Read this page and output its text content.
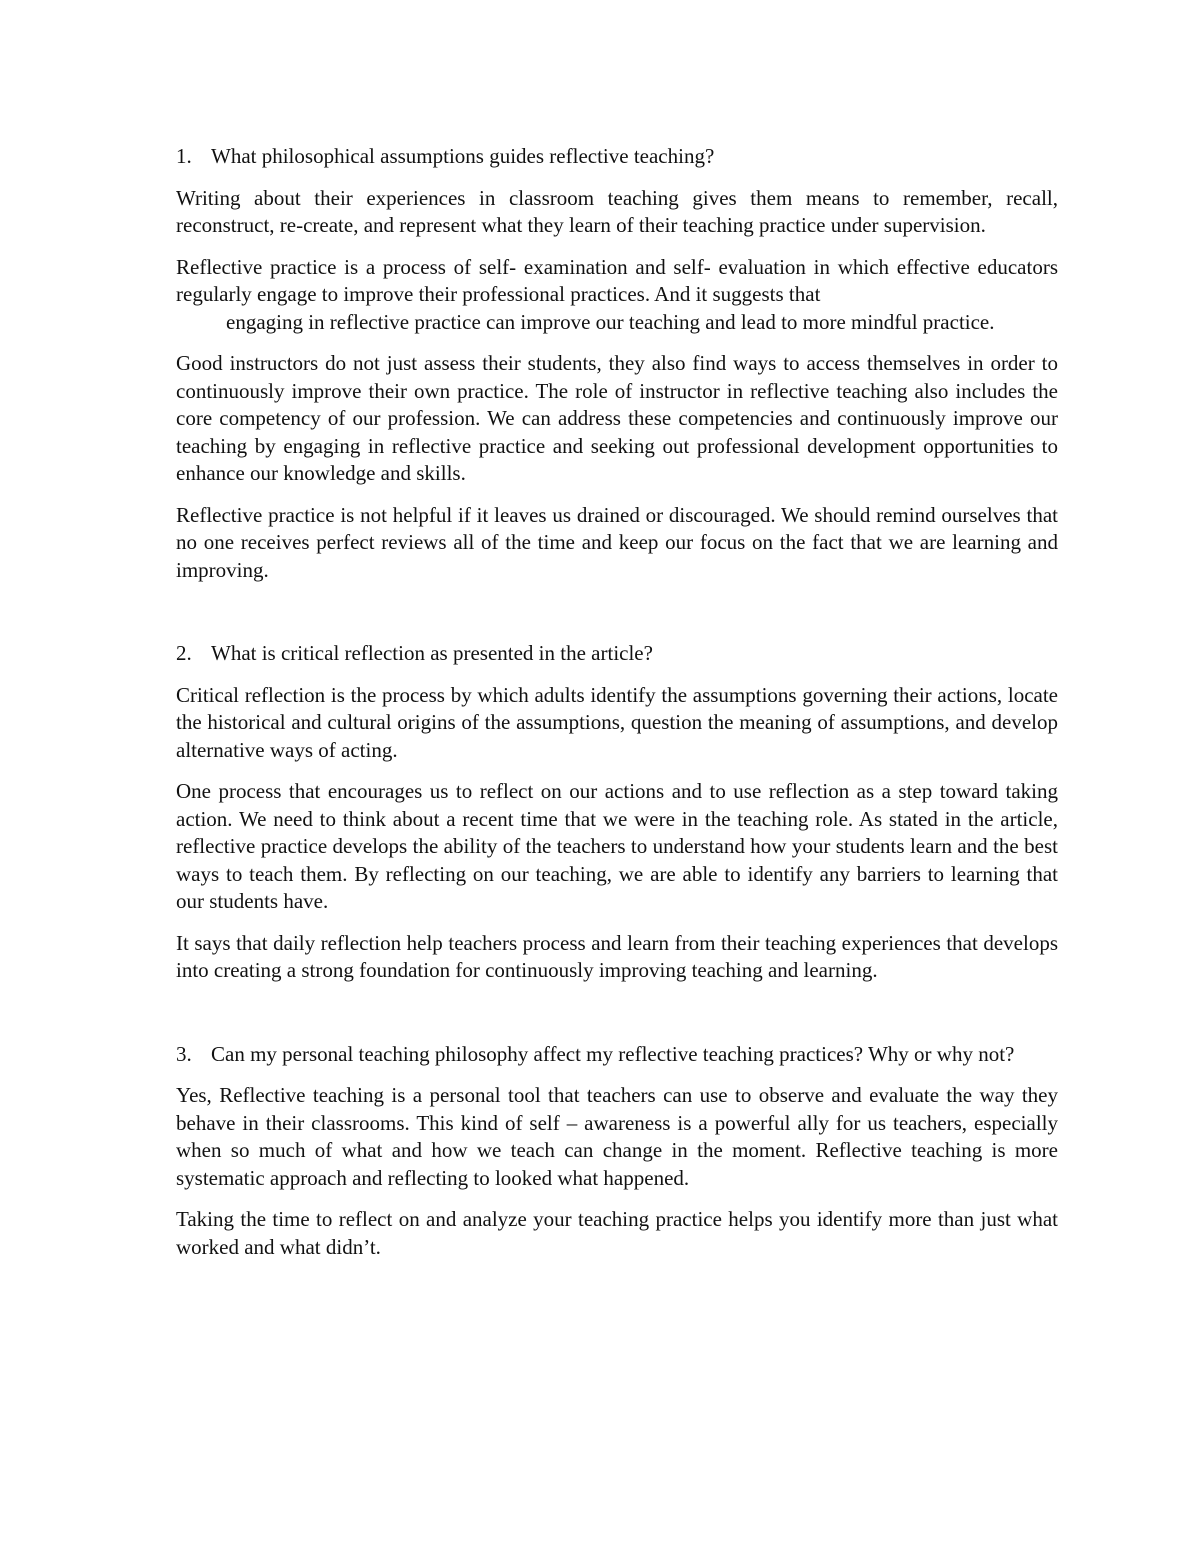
1. What philosophical assumptions guides reflective teaching?

Writing about their experiences in classroom teaching gives them means to remember, recall, reconstruct, re-create, and represent what they learn of their teaching practice under supervision.

Reflective practice is a process of self- examination and self- evaluation in which effective educators regularly engage to improve their professional practices. And it suggests that

engaging in reflective practice can improve our teaching and lead to more mindful practice.

Good instructors do not just assess their students, they also find ways to access themselves in order to continuously improve their own practice. The role of instructor in reflective teaching also includes the core competency of our profession. We can address these competencies and continuously improve our teaching by engaging in reflective practice and seeking out professional development opportunities to enhance our knowledge and skills.

Reflective practice is not helpful if it leaves us drained or discouraged. We should remind ourselves that no one receives perfect reviews all of the time and keep our focus on the fact that we are learning and improving.

2. What is critical reflection as presented in the article?

Critical reflection is the process by which adults identify the assumptions governing their actions, locate the historical and cultural origins of the assumptions, question the meaning of assumptions, and develop alternative ways of acting.

One process that encourages us to reflect on our actions and to use reflection as a step toward taking action. We need to think about a recent time that we were in the teaching role. As stated in the article, reflective practice develops the ability of the teachers to understand how your students learn and the best ways to teach them. By reflecting on our teaching, we are able to identify any barriers to learning that our students have.

It says that daily reflection help teachers process and learn from their teaching experiences that develops into creating a strong foundation for continuously improving teaching and learning.

3. Can my personal teaching philosophy affect my reflective teaching practices? Why or why not?

Yes, Reflective teaching is a personal tool that teachers can use to observe and evaluate the way they behave in their classrooms. This kind of self – awareness is a powerful ally for us teachers, especially when so much of what and how we teach can change in the moment. Reflective teaching is more systematic approach and reflecting to looked what happened.

Taking the time to reflect on and analyze your teaching practice helps you identify more than just what worked and what didn’t.
